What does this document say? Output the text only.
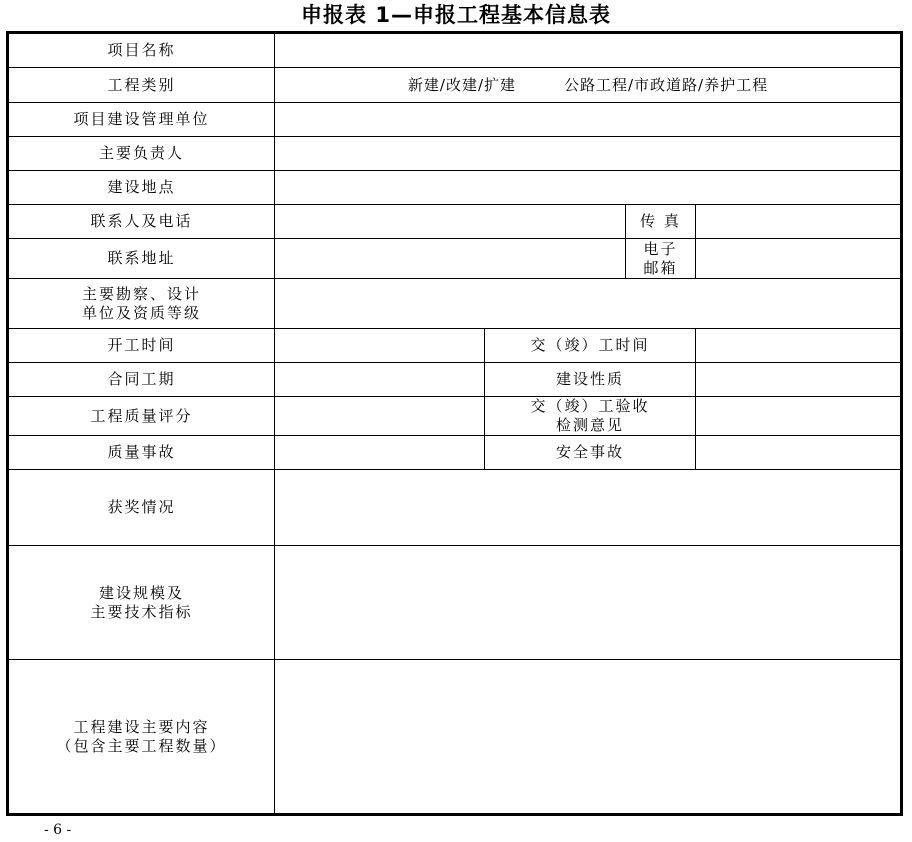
申报表 1—申报工程基本信息表
项目名称				
工程类别	新建/改建/扩建 公路工程/市政道路/养护工程			
项目建设管理单位				
主要负责人				
建设地点				
联系人及电话			传 真	
联系地址			电子
邮箱	

主要勘察、设计
单位及资质等级				

开工时间		交（竣）工时间		
合同工期		建设性质		
工程质量评分		交（竣）工验收
检测意见		

质量事故		安全事故		
获奖情况				

建设规模及
主要技术指标				

工程建设主要内容
（包含主要工程数量）				

- 6 -
